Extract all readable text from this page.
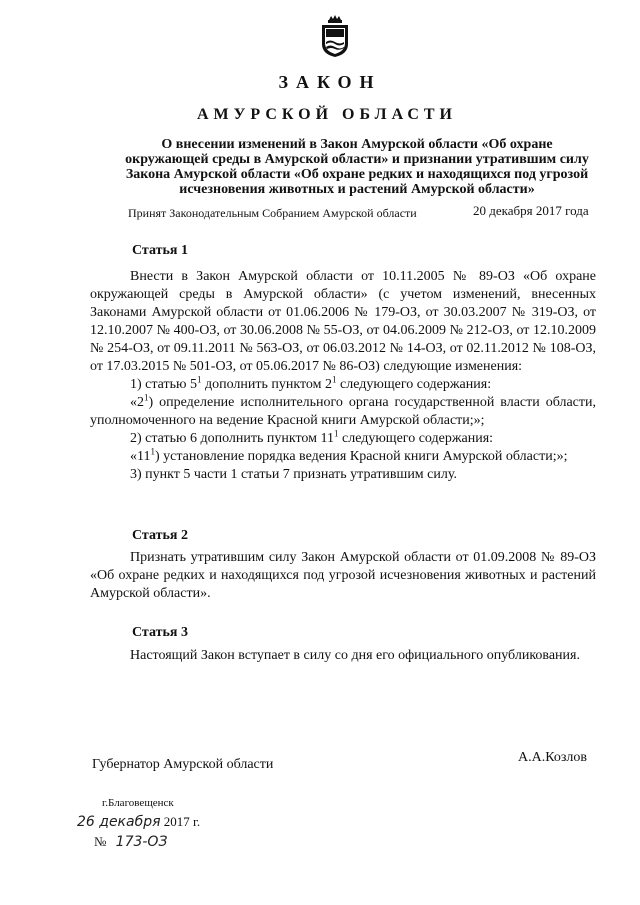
ЗАКОН
АМУРСКОЙ ОБЛАСТИ
О внесении изменений в Закон Амурской области «Об охране окружающей среды в Амурской области» и признании утратившим силу Закона Амурской области «Об охране редких и находящихся под угрозой исчезновения животных и растений Амурской области»
Принят Законодательным Собранием Амурской области	20 декабря 2017 года
Статья 1

Внести в Закон Амурской области от 10.11.2005 № 89-ОЗ «Об охране окружающей среды в Амурской области» (с учетом изменений, внесенных Законами Амурской области от 01.06.2006 № 179-ОЗ, от 30.03.2007 № 319-ОЗ, от 12.10.2007 № 400-ОЗ, от 30.06.2008 № 55-ОЗ, от 04.06.2009 № 212-ОЗ, от 12.10.2009 № 254-ОЗ, от 09.11.2011 № 563-ОЗ, от 06.03.2012 № 14-ОЗ, от 02.11.2012 № 108-ОЗ, от 17.03.2015 № 501-ОЗ, от 05.06.2017 № 86-ОЗ) следующие изменения:

1) статью $5^1$ дополнить пунктом $2^1$ следующего содержания:

«$2^1$) определение исполнительного органа государственной власти области, уполномоченного на ведение Красной книги Амурской области;»;

2) статью 6 дополнить пунктом $11^1$ следующего содержания:

«$11^1$) установление порядка ведения Красной книги Амурской области;»;

3) пункт 5 части 1 статьи 7 признать утратившим силу.

Статья 2

Признать утратившим силу Закон Амурской области от 01.09.2008 № 89-ОЗ «Об охране редких и находящихся под угрозой исчезновения животных и растений Амурской области».

Статья 3

Настоящий Закон вступает в силу со дня его официального опубликования.

Губернатор Амурской области	А.А.Козлов
г.Благовещенск
26 декабря 2017 г.
№ 173-ОЗ
